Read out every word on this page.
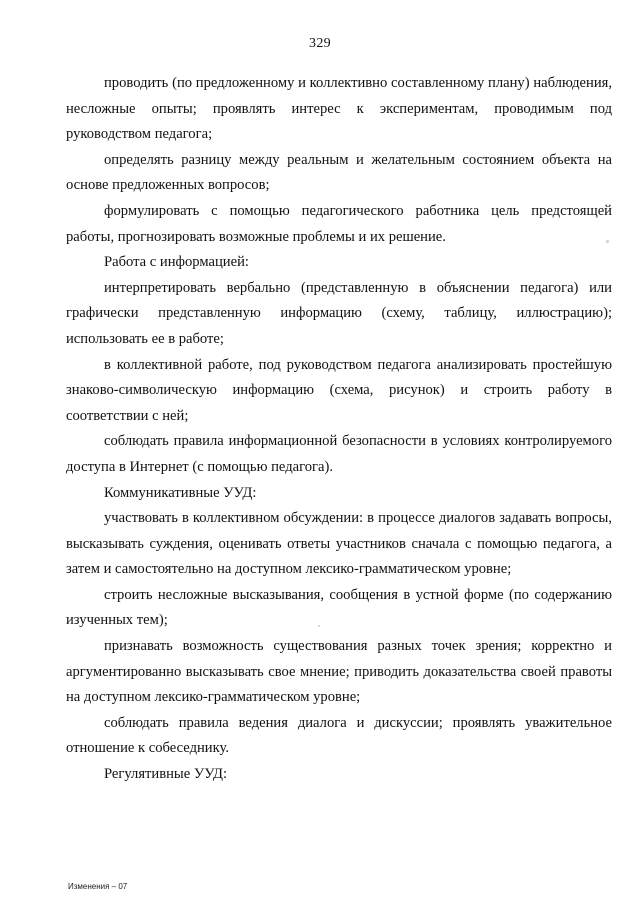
329

проводить (по предложенному и коллективно составленному плану) наблюдения, несложные опыты; проявлять интерес к экспериментам, проводимым под руководством педагога;

определять разницу между реальным и желательным состоянием объекта на основе предложенных вопросов;

формулировать с помощью педагогического работника цель предстоящей работы, прогнозировать возможные проблемы и их решение.

Работа с информацией:

интерпретировать вербально (представленную в объяснении педагога) или графически представленную информацию (схему, таблицу, иллюстрацию); использовать ее в работе;

в коллективной работе, под руководством педагога анализировать простейшую знаково-символическую информацию (схема, рисунок) и строить работу в соответствии с ней;

соблюдать правила информационной безопасности в условиях контролируемого доступа в Интернет (с помощью педагога).

Коммуникативные УУД:

участвовать в коллективном обсуждении: в процессе диалогов задавать вопросы, высказывать суждения, оценивать ответы участников сначала с помощью педагога, а затем и самостоятельно на доступном лексико-грамматическом уровне;

строить несложные высказывания, сообщения в устной форме (по содержанию изученных тем);

признавать возможность существования разных точек зрения; корректно и аргументированно высказывать свое мнение; приводить доказательства своей правоты на доступном лексико-грамматическом уровне;

соблюдать правила ведения диалога и дискуссии; проявлять уважительное отношение к собеседнику.

Регулятивные УУД:

Изменения – 07
